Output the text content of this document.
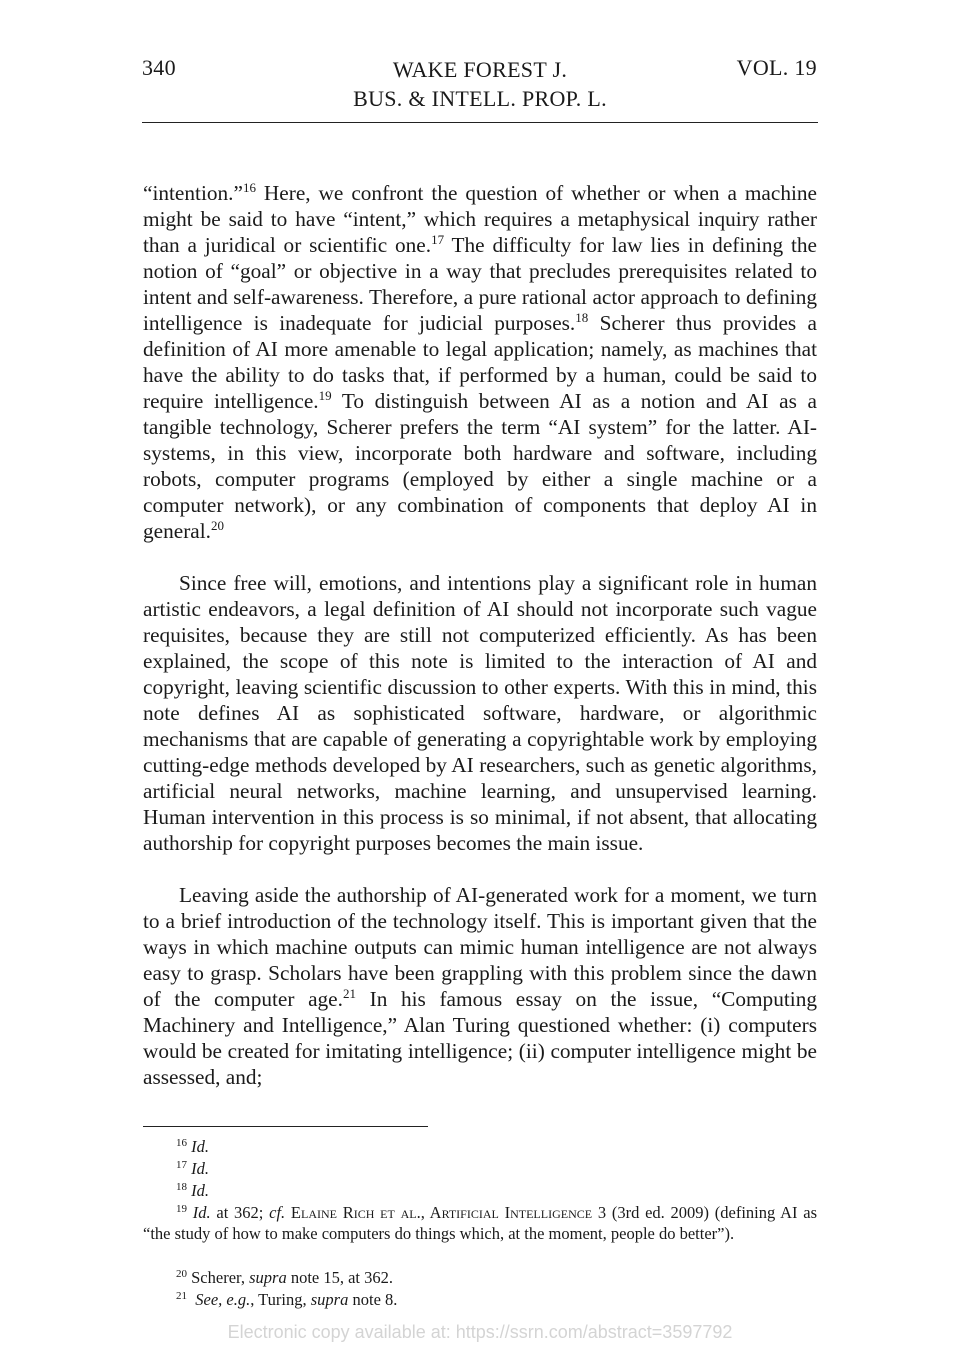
340	WAKE FOREST J.
BUS. & INTELL. PROP. L.
VOL. 19

“intention.”$^{16}$ Here, we confront the question of whether or when a machine might be said to have “intent,” which requires a metaphysical inquiry rather than a juridical or scientific one.$^{17}$ The difficulty for law lies in defining the notion of “goal” or objective in a way that precludes prerequisites related to intent and self-awareness. Therefore, a pure rational actor approach to defining intelligence is inadequate for judicial purposes.$^{18}$ Scherer thus provides a definition of AI more amenable to legal application; namely, as machines that have the ability to do tasks that, if performed by a human, could be said to require intelligence.$^{19}$ To distinguish between AI as a notion and AI as a tangible technology, Scherer prefers the term “AI system” for the latter. AI-systems, in this view, incorporate both hardware and software, including robots, computer programs (employed by either a single machine or a computer network), or any combination of components that deploy AI in general.$^{20}$

Since free will, emotions, and intentions play a significant role in human artistic endeavors, a legal definition of AI should not incorporate such vague requisites, because they are still not computerized efficiently. As has been explained, the scope of this note is limited to the interaction of AI and copyright, leaving scientific discussion to other experts. With this in mind, this note defines AI as sophisticated software, hardware, or algorithmic mechanisms that are capable of generating a copyrightable work by employing cutting-edge methods developed by AI researchers, such as genetic algorithms, artificial neural networks, machine learning, and unsupervised learning. Human intervention in this process is so minimal, if not absent, that allocating authorship for copyright purposes becomes the main issue.

Leaving aside the authorship of AI-generated work for a moment, we turn to a brief introduction of the technology itself. This is important given that the ways in which machine outputs can mimic human intelligence are not always easy to grasp. Scholars have been grappling with this problem since the dawn of the computer age.$^{21}$ In his famous essay on the issue, “Computing Machinery and Intelligence,” Alan Turing questioned whether: (i) computers would be created for imitating intelligence; (ii) computer intelligence might be assessed, and;

$^{16}$ Id.

$^{17}$ Id.

$^{18}$ Id.

$^{19}$ Id. at 362; cf. Elaine Rich et al., Artificial Intelligence 3 (3rd ed. 2009) (defining AI as “the study of how to make computers do things which, at the moment, people do better”).

$^{20}$ Scherer, supra note 15, at 362.

$^{21}$ See, e.g., Turing, supra note 8.

Electronic copy available at: https://ssrn.com/abstract=3597792
